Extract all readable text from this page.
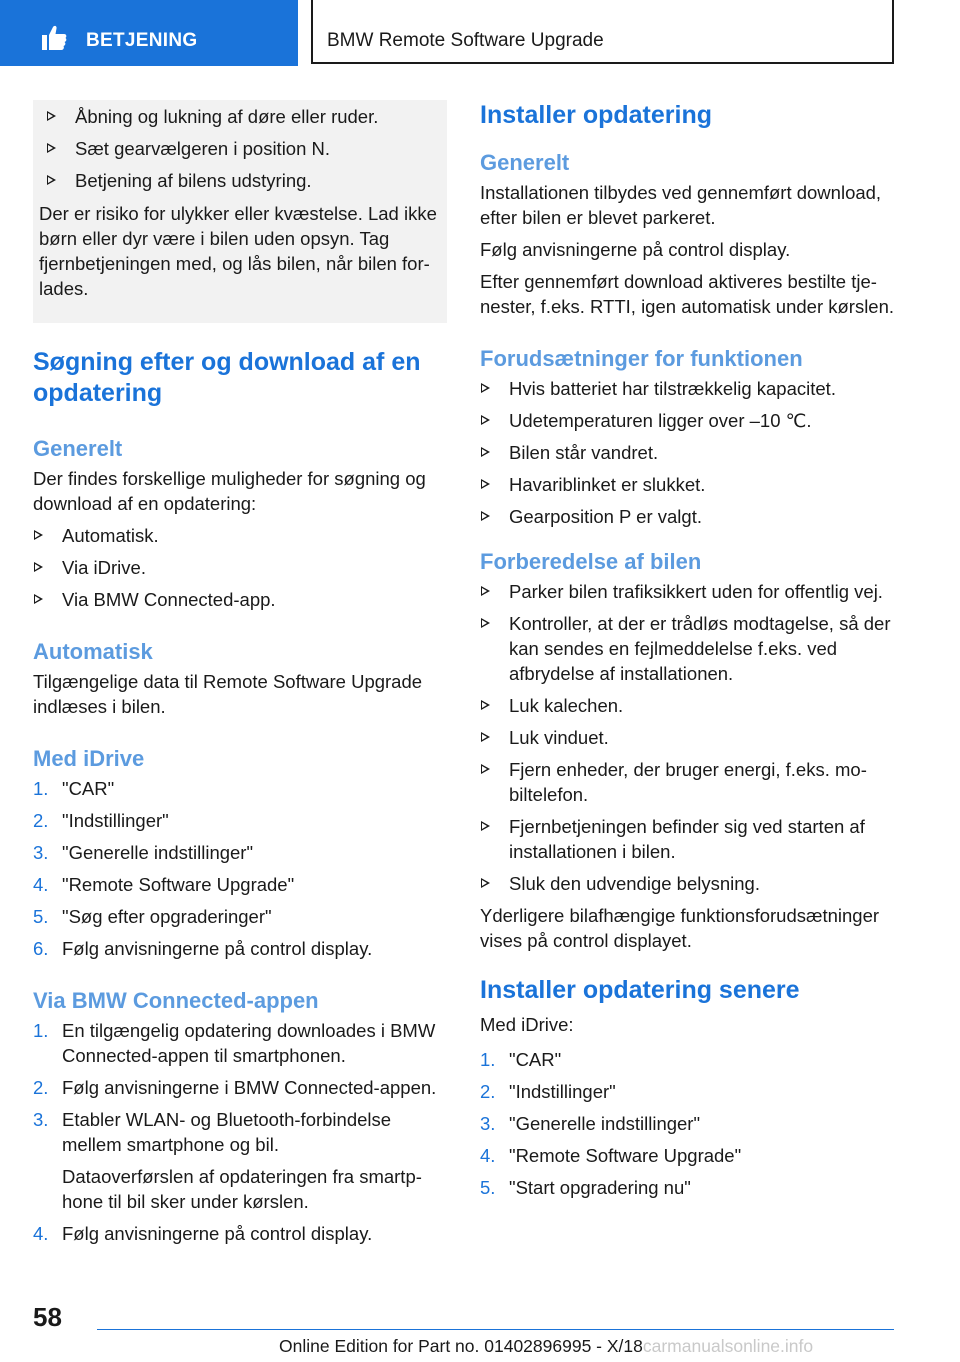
BETJENING	BMW Remote Software Upgrade
Åbning og lukning af døre eller ruder.
Sæt gearvælgeren i position N.
Betjening af bilens udstyring.

Der er risiko for ulykker eller kvæstelse. Lad ikke børn eller dyr være i bilen uden opsyn. Tag fjernbetjeningen med, og lås bilen, når bilen forlades.

Søgning efter og download af en opdatering
Generelt

Der findes forskellige muligheder for søgning og download af en opdatering:

Automatisk.
Via iDrive.
Via BMW Connected-app.
Automatisk

Tilgængelige data til Remote Software Upgrade indlæses i bilen.

Med iDrive
1. "CAR"
2. "Indstillinger"
3. "Generelle indstillinger"
4. "Remote Software Upgrade"
5. "Søg efter opgraderinger"
6. Følg anvisningerne på control display.
Via BMW Connected-appen
1. En tilgængelig opdatering downloades i BMW Connected-appen til smartphonen.
2. Følg anvisningerne i BMW Connected-appen.
3. Etabler WLAN- og Bluetooth-forbindelse mellem smartphone og bil.
Dataoverførslen af opdateringen fra smartphone til bil sker under kørslen.
4. Følg anvisningerne på control display.
Installer opdatering
Generelt

Installationen tilbydes ved gennemført download, efter bilen er blevet parkeret.

Følg anvisningerne på control display.

Efter gennemført download aktiveres bestilte tjenester, f.eks. RTTI, igen automatisk under kørslen.

Forudsætninger for funktionen
Hvis batteriet har tilstrækkelig kapacitet.
Udetemperaturen ligger over –10 ℃.
Bilen står vandret.
Havariblinket er slukket.
Gearposition P er valgt.
Forberedelse af bilen
Parker bilen trafiksikkert uden for offentlig vej.
Kontroller, at der er trådløs modtagelse, så der kan sendes en fejlmeddelelse f.eks. ved afbrydelse af installationen.
Luk kalechen.
Luk vinduet.
Fjern enheder, der bruger energi, f.eks. mobiltelefon.
Fjernbetjeningen befinder sig ved starten af installationen i bilen.
Sluk den udvendige belysning.

Yderligere bilafhængige funktionsforudsætninger vises på control displayet.

Installer opdatering senere

Med iDrive:

1. "CAR"
2. "Indstillinger"
3. "Generelle indstillinger"
4. "Remote Software Upgrade"
5. "Start opgradering nu"
58
Online Edition for Part no. 01402896995 - X/18carmanualsonline.info
